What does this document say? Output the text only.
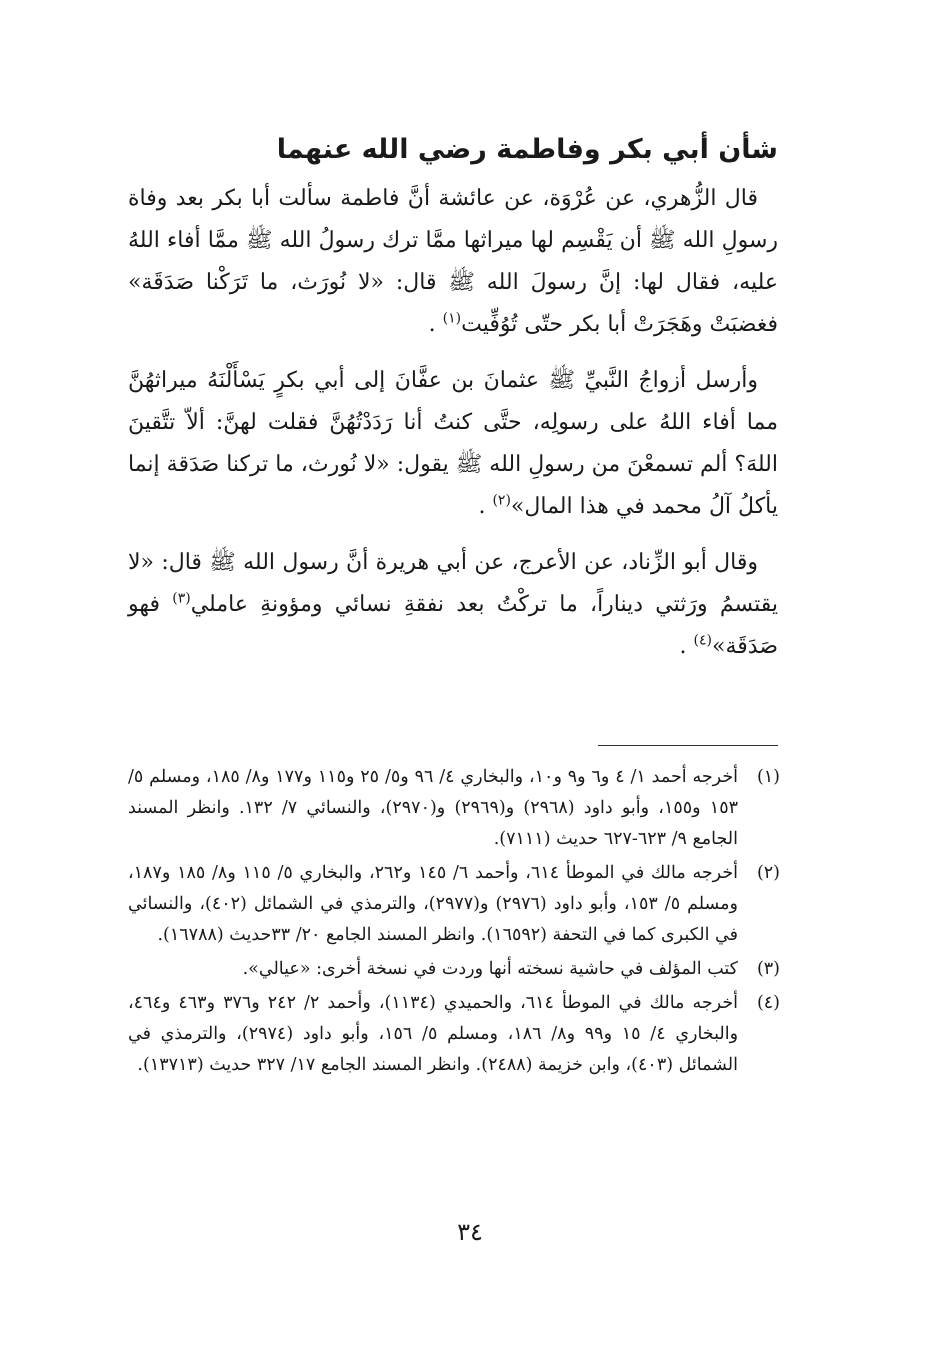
شأن أبي بكر وفاطمة رضي الله عنهما

قال الزُّهري، عن عُرْوَة، عن عائشة أنَّ فاطمة سألت أبا بكر بعد وفاة رسولِ الله ﷺ أن يَقْسِم لها ميراثها ممَّا ترك رسولُ الله ﷺ ممَّا أفاء اللهُ عليه، فقال لها: إنَّ رسولَ الله ﷺ قال: «لا نُورَث، ما تَرَكْنا صَدَقَة» فغضبَتْ وهَجَرَتْ أبا بكر حتّى تُوُفِّيت$^{(١)}$ .

وأرسل أزواجُ النَّبيِّ ﷺ عثمانَ بن عفَّانَ إلى أبي بكرٍ يَسْأَلْنَهُ ميراثهُنَّ مما أفاء اللهُ على رسولِه، حتَّى كنتُ أنا رَدَدْتُهُنَّ فقلت لهنَّ: ألاّ تتَّقينَ اللهَ؟ ألم تسمعْنَ من رسولِ الله ﷺ يقول: «لا نُورث، ما تركنا صَدَقة إنما يأكلُ آلُ محمد في هذا المال»$^{(٢)}$ .

وقال أبو الزِّناد، عن الأعرج، عن أبي هريرة أنَّ رسول الله ﷺ قال: «لا يقتسمُ ورَثتي ديناراً، ما تركْتُ بعد نفقةِ نسائي ومؤونةِ عاملي$^{(٣)}$ فهو صَدَقَة»$^{(٤)}$ .

(١)
أخرجه أحمد ١/ ٤ و٦ و٩ و١٠، والبخاري ٤/ ٩٦ و٥/ ٢٥ و١١٥ و١٧٧ و٨/ ١٨٥، ومسلم ٥/ ١٥٣ و١٥٥، وأبو داود (٢٩٦٨) و(٢٩٦٩) و(٢٩٧٠)، والنسائي ٧/ ١٣٢. وانظر المسند الجامع ٩/ ٦٢٣-٦٢٧ حديث (٧١١١).
(٢)
أخرجه مالك في الموطأ ٦١٤، وأحمد ٦/ ١٤٥ و٢٦٢، والبخاري ٥/ ١١٥ و٨/ ١٨٥ و١٨٧، ومسلم ٥/ ١٥٣، وأبو داود (٢٩٧٦) و(٢٩٧٧)، والترمذي في الشمائل (٤٠٢)، والنسائي في الكبرى كما في التحفة (١٦٥٩٢). وانظر المسند الجامع ٢٠/ ٣٣حديث (١٦٧٨٨).
(٣)
كتب المؤلف في حاشية نسخته أنها وردت في نسخة أخرى: «عيالي».
(٤)
أخرجه مالك في الموطأ ٦١٤، والحميدي (١١٣٤)، وأحمد ٢/ ٢٤٢ و٣٧٦ و٤٦٣ و٤٦٤، والبخاري ٤/ ١٥ و٩٩ و٨/ ١٨٦، ومسلم ٥/ ١٥٦، وأبو داود (٢٩٧٤)، والترمذي في الشمائل (٤٠٣)، وابن خزيمة (٢٤٨٨). وانظر المسند الجامع ١٧/ ٣٢٧ حديث (١٣٧١٣).
٣٤
